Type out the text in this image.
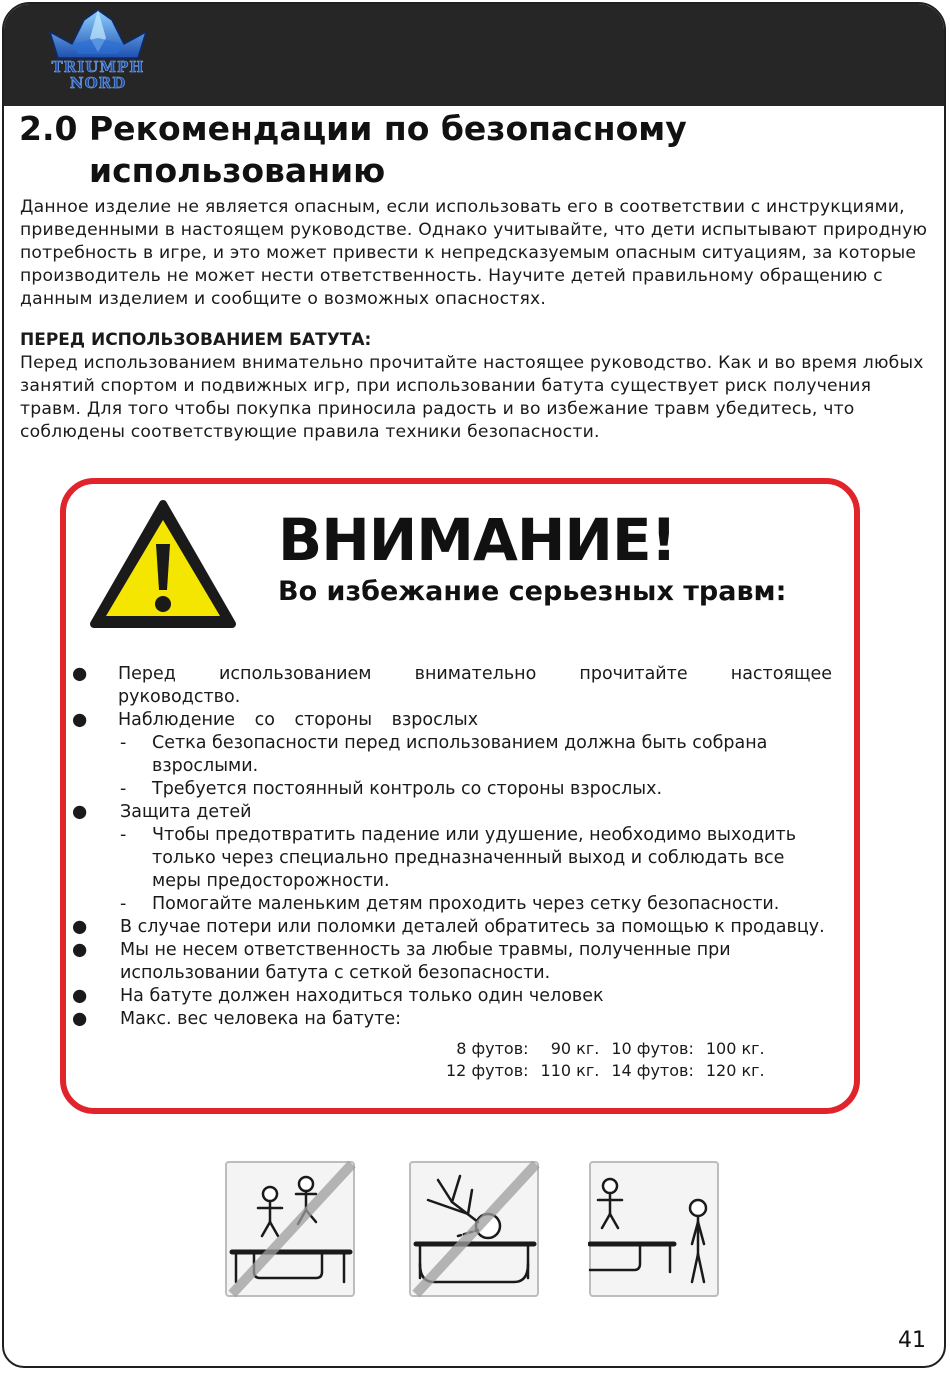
TRIUMPH
NORD
2.0 Рекомендации по безопасному
использованию
Данное изделие не является опасным, если использовать его в соответствии с инструкциями, приведенными в настоящем руководстве. Однако учитывайте, что дети испытывают природную потребность в игре, и это может привести к непредсказуемым опасным ситуациям, за которые производитель не может нести ответственность. Научите детей правильному обращению с данным изделием и сообщите о возможных опасностях.
ПЕРЕД ИСПОЛЬЗОВАНИЕМ БАТУТА:
Перед использованием внимательно прочитайте настоящее руководство. Как и во время любых занятий спортом и подвижных игр, при использовании батута существует риск получения травм. Для того чтобы покупка приносила радость и во избежание травм убедитесь, что соблюдены соответствующие правила техники безопасности.
ВНИМАНИЕ!
Во избежание серьезных травм:
● Перед использованием внимательно прочитайте настоящее
руководство.
● Наблюдение со стороны взрослых
- Сетка безопасности перед использованием должна быть собрана взрослыми.
- Требуется постоянный контроль со стороны взрослых.
● Защита детей
- Чтобы предотвратить падение или удушение, необходимо выходить только через специально предназначенный выход и соблюдать все меры предосторожности.
- Помогайте маленьким детям проходить через сетку безопасности.
● В случае потери или поломки деталей обратитесь за помощью к продавцу.
● Мы не несем ответственность за любые травмы, полученные при использовании батута с сеткой безопасности.
● На батуте должен находиться только один человек
● Макс. вес человека на батуте:
8 футов:	90 кг.	10 футов:	100 кг.
12 футов:	110 кг.	14 футов:	120 кг.
41
